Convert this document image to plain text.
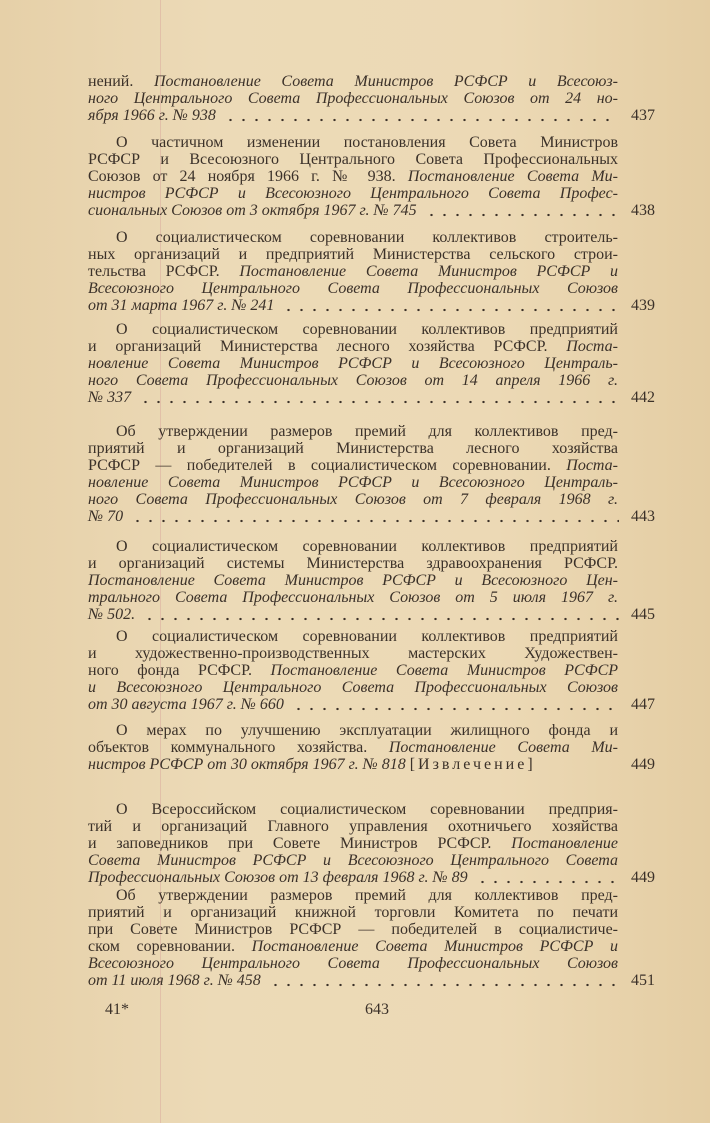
нений. Постановление Совета Министров РСФСР и Всесоюз-
ного Центрального Совета Профессиональных Союзов от 24 но-
ября 1966 г. № 938	437
О частичном изменении постановления Совета Министров
РСФСР и Всесоюзного Центрального Совета Профессиональных
Союзов от 24 ноября 1966 г. № 938. Постановление Совета Ми-
нистров РСФСР и Всесоюзного Центрального Совета Профес-
сиональных Союзов от 3 октября 1967 г. № 745	438
О социалистическом соревновании коллективов строитель-
ных организаций и предприятий Министерства сельского строи-
тельства РСФСР. Постановление Совета Министров РСФСР и
Всесоюзного Центрального Совета Профессиональных Союзов
от 31 марта 1967 г. № 241	439
О социалистическом соревновании коллективов предприятий
и организаций Министерства лесного хозяйства РСФСР. Поста-
новление Совета Министров РСФСР и Всесоюзного Централь-
ного Совета Профессиональных Союзов от 14 апреля 1966 г.
№ 337	442
Об утверждении размеров премий для коллективов пред-
приятий и организаций Министерства лесного хозяйства
РСФСР — победителей в социалистическом соревновании. Поста-
новление Совета Министров РСФСР и Всесоюзного Централь-
ного Совета Профессиональных Союзов от 7 февраля 1968 г.
№ 70	443
О социалистическом соревновании коллективов предприятий
и организаций системы Министерства здравоохранения РСФСР.
Постановление Совета Министров РСФСР и Всесоюзного Цен-
трального Совета Профессиональных Союзов от 5 июля 1967 г.
№ 502.	445
О социалистическом соревновании коллективов предприятий
и художественно-производственных мастерских Художествен-
ного фонда РСФСР. Постановление Совета Министров РСФСР
и Всесоюзного Центрального Совета Профессиональных Союзов
от 30 августа 1967 г. № 660	447
О мерах по улучшению эксплуатации жилищного фонда и
объектов коммунального хозяйства. Постановление Совета Ми-
нистров РСФСР от 30 октября 1967 г. № 818 [Извлечение]	449
О Всероссийском социалистическом соревновании предприя-
тий и организаций Главного управления охотничьего хозяйства
и заповедников при Совете Министров РСФСР. Постановление
Совета Министров РСФСР и Всесоюзного Центрального Совета
Профессиональных Союзов от 13 февраля 1968 г. № 89	449
Об утверждении размеров премий для коллективов пред-
приятий и организаций книжной торговли Комитета по печати
при Совете Министров РСФСР — победителей в социалистиче-
ском соревновании. Постановление Совета Министров РСФСР и
Всесоюзного Центрального Совета Профессиональных Союзов
от 11 июля 1968 г. № 458	451
41*	643
